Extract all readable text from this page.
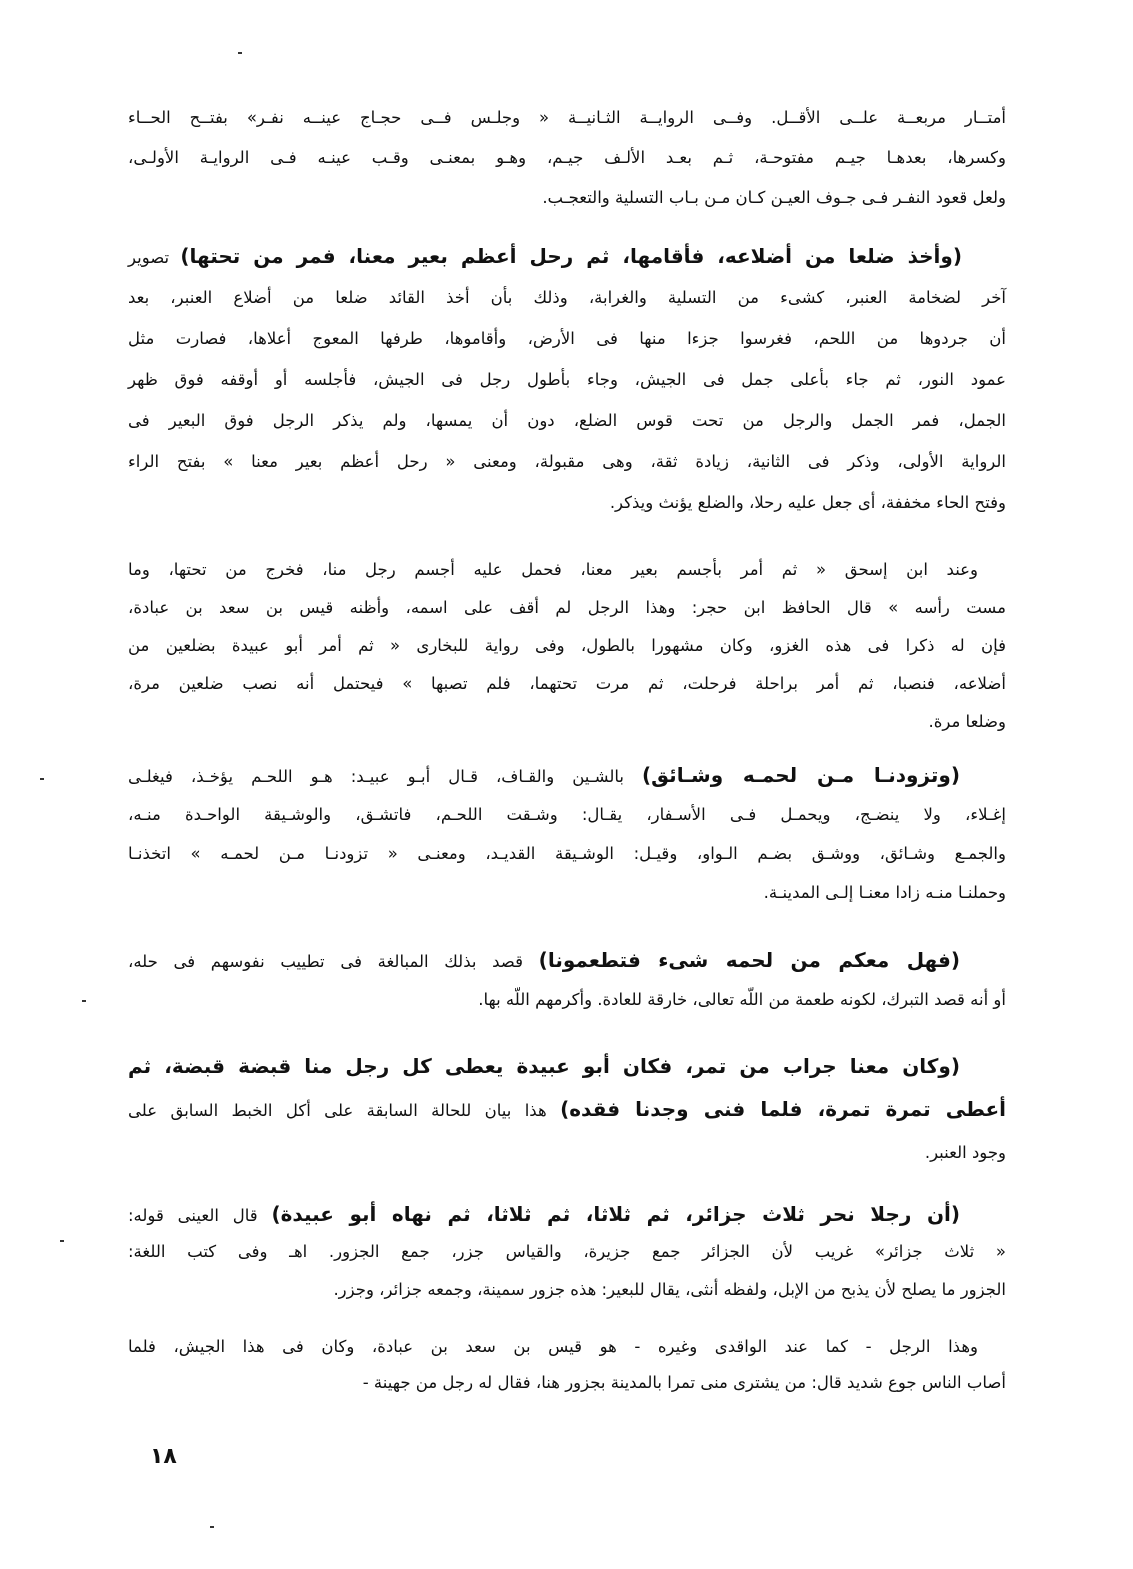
أمتــار مربعــة علــى الأقــل. وفــى الروايــة الثـانيــة « وجلـس فــى حجـاج عينــه نفـر» بفتــح الحــاء
وكسرها، بعدهـا جيـم مفتوحـة، ثـم بعـد الألـف جيـم، وهـو بمعنـى وقـب عينـه فـى الروايـة الأولـى،
ولعل قعود النفـر فـى جـوف العيـن كـان مـن بـاب التسلية والتعجـب.
(وأخذ ضلعا من أضلاعه، فأقامها، ثم رحل أعظم بعير معنا، فمر من تحتها) تصوير
آخر لضخامة العنبر، كشىء من التسلية والغرابة، وذلك بأن أخذ القائد ضلعا من أضلاع العنبر، بعد
أن جردوها من اللحم، فغرسوا جزءا منها فى الأرض، وأقاموها، طرفها المعوج أعلاها، فصارت مثل
عمود النور، ثم جاء بأعلى جمل فى الجيش، وجاء بأطول رجل فى الجيش، فأجلسه أو أوقفه فوق ظهر
الجمل، فمر الجمل والرجل من تحت قوس الضلع، دون أن يمسها، ولم يذكر الرجل فوق البعير فى
الرواية الأولى، وذكر فى الثانية، زيادة ثقة، وهى مقبولة، ومعنى « رحل أعظم بعير معنا » بفتح الراء
وفتح الحاء مخففة، أى جعل عليه رحلا، والضلع يؤنث ويذكر.
وعند ابن إسحق « ثم أمر بأجسم بعير معنا، فحمل عليه أجسم رجل منا، فخرج من تحتها، وما
مست رأسه » قال الحافظ ابن حجر: وهذا الرجل لم أقف على اسمه، وأظنه قيس بن سعد بن عبادة،
فإن له ذكرا فى هذه الغزو، وكان مشهورا بالطول، وفى رواية للبخارى « ثم أمر أبو عبيدة بضلعين من
أضلاعه، فنصبا، ثم أمر براحلة فرحلت، ثم مرت تحتهما، فلم تصبها » فيحتمل أنه نصب ضلعين مرة،
وضلعا مرة.
(وتزودنـا مـن لحمـه وشـائق) بالشـين والقـاف، قـال أبـو عبيـد: هـو اللحـم يؤخـذ، فيغلـى
إغـلاء، ولا ينضـج، ويحمـل فـى الأسـفار، يقـال: وشـقت اللحـم، فاتشـق، والوشـيقة الواحـدة منـه،
والجمـع وشـائق، ووشـق بضـم الـواو، وقيـل: الوشـيقة القديـد، ومعنـى « تزودنـا مـن لحمـه » اتخذنـا
وحملنـا منـه زادا معنـا إلـى المدينـة.
(فهل معكم من لحمه شىء فتطعمونا) قصد بذلك المبالغة فى تطييب نفوسهم فى حله،
أو أنه قصد التبرك، لكونه طعمة من اللّه تعالى، خارقة للعادة. وأكرمهم اللّه بها.
(وكان معنا جراب من تمر، فكان أبو عبيدة يعطى كل رجل منا قبضة قبضة، ثم
أعطى تمرة تمرة، فلما فنى وجدنا فقده) هذا بيان للحالة السابقة على أكل الخبط السابق على
وجود العنبر.
(أن رجلا نحر ثلاث جزائر، ثم ثلاثا، ثم ثلاثا، ثم نهاه أبو عبيدة) قال العينى قوله:
« ثلاث جزائر» غريب لأن الجزائر جمع جزيرة، والقياس جزر، جمع الجزور. اهـ وفى كتب اللغة:
الجزور ما يصلح لأن يذبح من الإبل، ولفظه أنثى، يقال للبعير: هذه جزور سمينة، وجمعه جزائر، وجزر.
وهذا الرجل - كما عند الواقدى وغيره - هو قيس بن سعد بن عبادة، وكان فى هذا الجيش، فلما
أصاب الناس جوع شديد قال: من يشترى منى تمرا بالمدينة بجزور هنا، فقال له رجل من جهينة -
١٨
